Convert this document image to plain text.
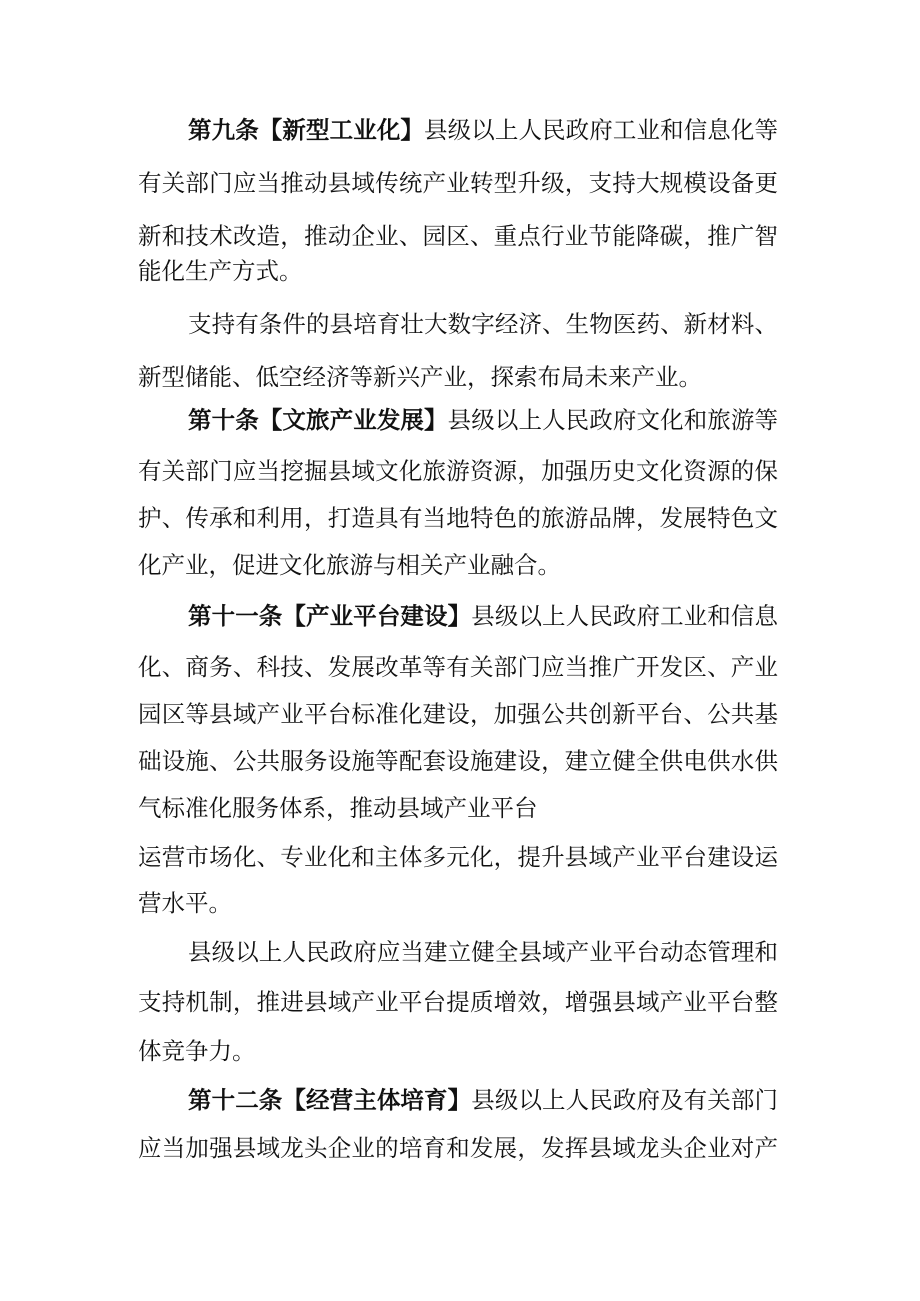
第九条【新型工业化】县级以上人民政府工业和信息化等
有关部门应当推动县域传统产业转型升级，支持大规模设备更
新和技术改造，推动企业、园区、重点行业节能降碳，推广智
能化生产方式。
支持有条件的县培育壮大数字经济、生物医药、新材料、
新型储能、低空经济等新兴产业，探索布局未来产业。
第十条【文旅产业发展】县级以上人民政府文化和旅游等
有关部门应当挖掘县域文化旅游资源，加强历史文化资源的保
护、传承和利用，打造具有当地特色的旅游品牌，发展特色文
化产业，促进文化旅游与相关产业融合。
第十一条【产业平台建设】县级以上人民政府工业和信息
化、商务、科技、发展改革等有关部门应当推广开发区、产业
园区等县域产业平台标准化建设，加强公共创新平台、公共基
础设施、公共服务设施等配套设施建设，建立健全供电供水供
气标准化服务体系，推动县域产业平台
运营市场化、专业化和主体多元化，提升县域产业平台建设运
营水平。
县级以上人民政府应当建立健全县域产业平台动态管理和
支持机制，推进县域产业平台提质增效，增强县域产业平台整
体竞争力。
第十二条【经营主体培育】县级以上人民政府及有关部门
应当加强县域龙头企业的培育和发展，发挥县域龙头企业对产
